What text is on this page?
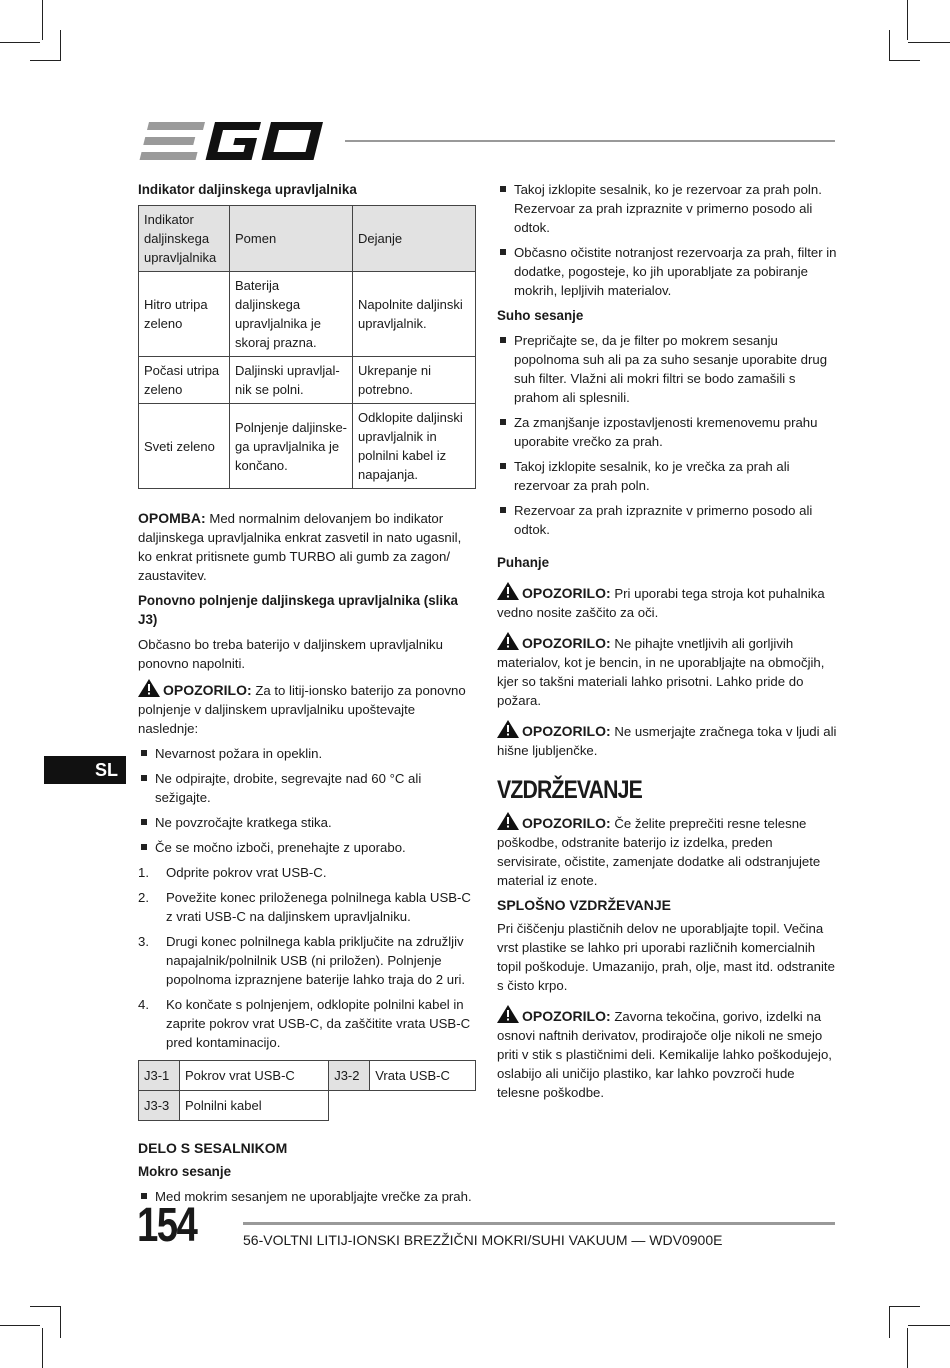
Indikator daljinskega upravljalnika
Indikator daljinskega upravljalnika	Pomen	Dejanje
Hitro utripa zeleno	Baterija daljinskega upravljalnika je skoraj prazna.	Napolnite daljinski upravljalnik.
Počasi utripa zeleno	Daljinski upravljal-nik se polni.	Ukrepanje ni potrebno.
Sveti zeleno	Polnjenje daljinske-ga upravljalnika je končano.	Odklopite daljinski upravljalnik in polnilni kabel iz napajanja.

OPOMBA: Med normalnim delovanjem bo indikator daljinskega upravljalnika enkrat zasvetil in nato ugasnil, ko enkrat pritisnete gumb TURBO ali gumb za zagon/ zaustavitev.

Ponovno polnjenje daljinskega upravljalnika (slika J3)

Občasno bo treba baterijo v daljinskem upravljalniku ponovno napolniti.

OPOZORILO: Za to litij-ionsko baterijo za ponovno polnjenje v daljinskem upravljalniku upoštevajte naslednje:

Nevarnost požara in opeklin.
Ne odpirajte, drobite, segrevajte nad 60 °C ali sežigajte.
Ne povzročajte kratkega stika.
Če se močno izboči, prenehajte z uporabo.
1. Odprite pokrov vrat USB-C.
2. Povežite konec priloženega polnilnega kabla USB-C z vrati USB-C na daljinskem upravljalniku.
3. Drugi konec polnilnega kabla priključite na združljiv napajalnik/polnilnik USB (ni priložen). Polnjenje popolnoma izpraznjene baterije lahko traja do 2 uri.
4. Ko končate s polnjenjem, odklopite polnilni kabel in zaprite pokrov vrat USB-C, da zaščitite vrata USB-C pred kontaminacijo.
J3-1	Pokrov vrat USB-C	J3-2	Vrata USB-C
J3-3	Polnilni kabel		
DELO S SESALNIKOM
Mokro sesanje
Med mokrim sesanjem ne uporabljajte vrečke za prah.
Takoj izklopite sesalnik, ko je rezervoar za prah poln. Rezervoar za prah izpraznite v primerno posodo ali odtok.
Občasno očistite notranjost rezervoarja za prah, filter in dodatke, pogosteje, ko jih uporabljate za pobiranje mokrih, lepljivih materialov.
Suho sesanje
Prepričajte se, da je filter po mokrem sesanju popolnoma suh ali pa za suho sesanje uporabite drug suh filter. Vlažni ali mokri filtri se bodo zamašili s prahom ali splesnili.
Za zmanjšanje izpostavljenosti kremenovemu prahu uporabite vrečko za prah.
Takoj izklopite sesalnik, ko je vrečka za prah ali rezervoar za prah poln.
Rezervoar za prah izpraznite v primerno posodo ali odtok.
Puhanje

OPOZORILO: Pri uporabi tega stroja kot puhalnika vedno nosite zaščito za oči.

OPOZORILO: Ne pihajte vnetljivih ali gorljivih materialov, kot je bencin, in ne uporabljajte na območjih, kjer so takšni materiali lahko prisotni. Lahko pride do požara.

OPOZORILO: Ne usmerjajte zračnega toka v ljudi ali hišne ljubljenčke.

VZDRŽEVANJE

OPOZORILO: Če želite preprečiti resne telesne poškodbe, odstranite baterijo iz izdelka, preden servisirate, očistite, zamenjate dodatke ali odstranjujete material iz enote.

SPLOŠNO VZDRŽEVANJE

Pri čiščenju plastičnih delov ne uporabljajte topil. Večina vrst plastike se lahko pri uporabi različnih komercialnih topil poškoduje. Umazanijo, prah, olje, mast itd. odstranite s čisto krpo.

OPOZORILO: Zavorna tekočina, gorivo, izdelki na osnovi naftnih derivatov, prodirajoče olje nikoli ne smejo priti v stik s plastičnimi deli. Kemikalije lahko poškodujejo, oslabijo ali uničijo plastiko, kar lahko povzroči hude telesne poškodbe.

SL
154	56-VOLTNI LITIJ-IONSKI BREZŽIČNI MOKRI/SUHI VAKUUM — WDV0900E
